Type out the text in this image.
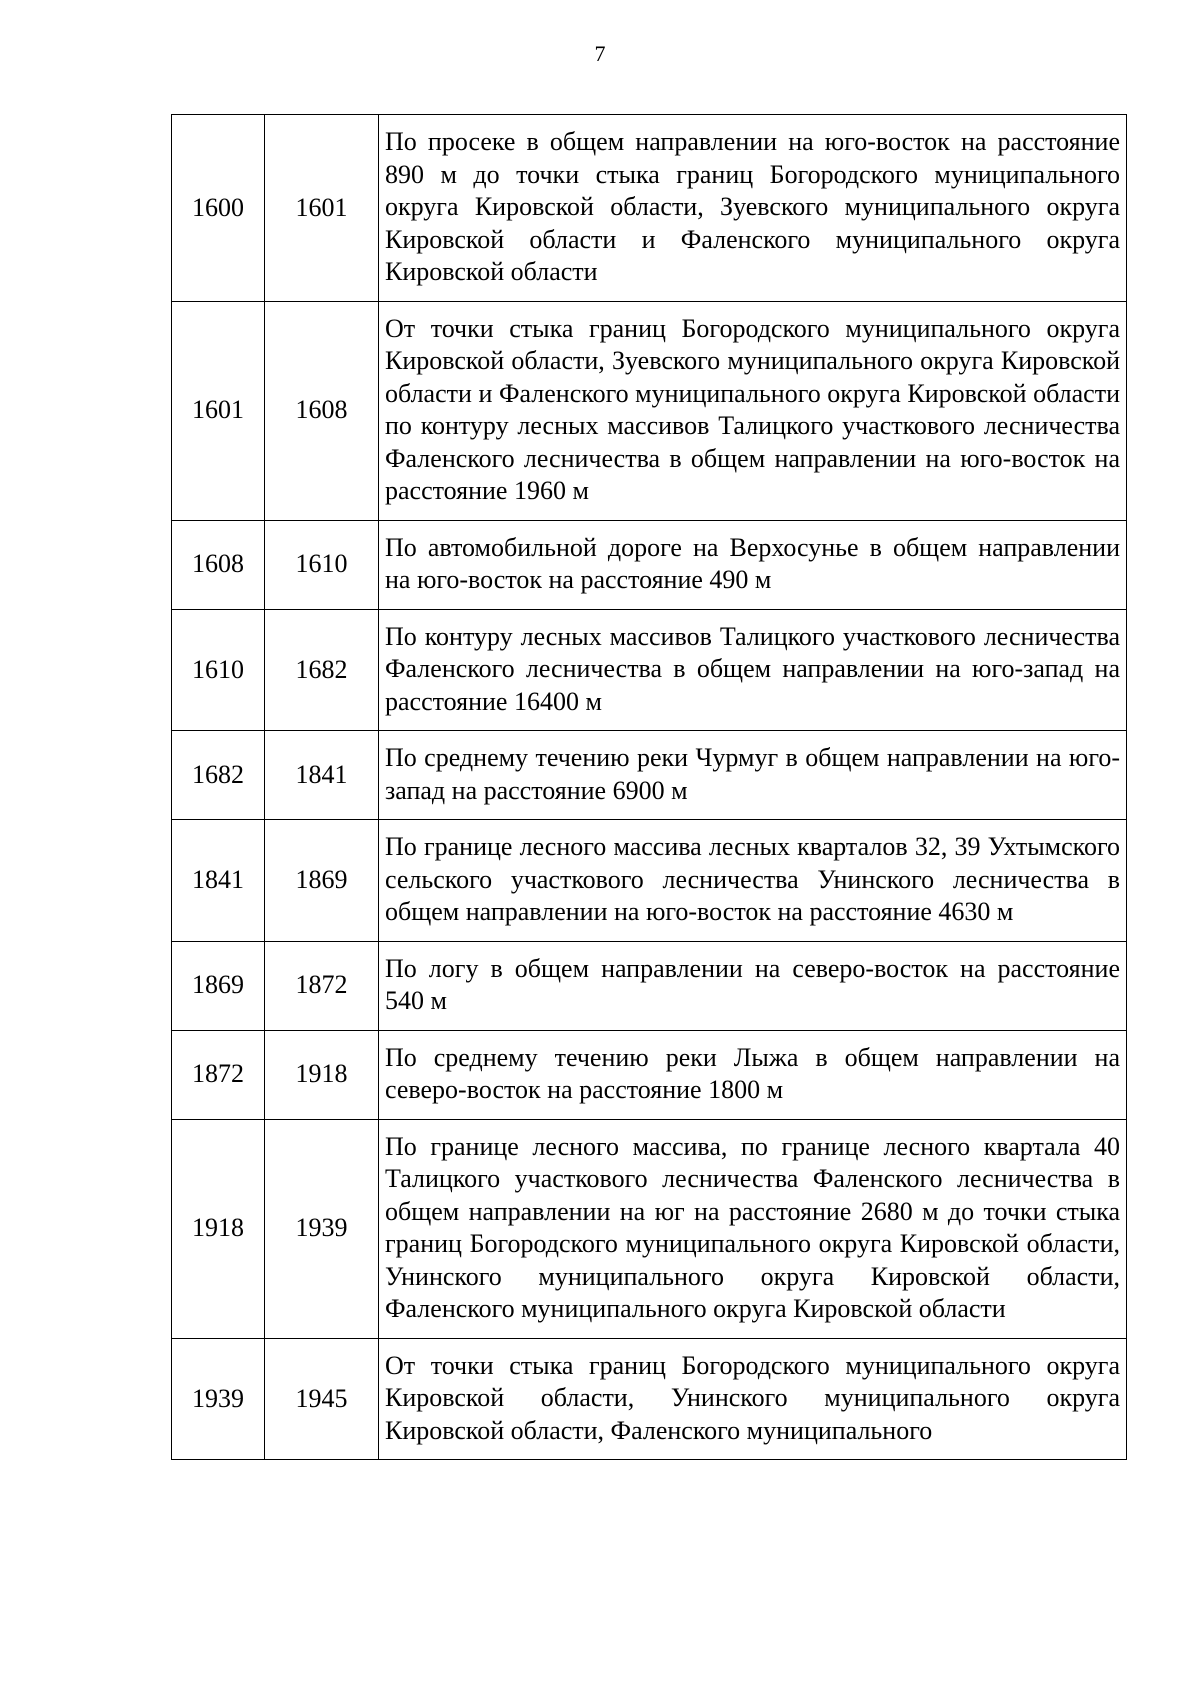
7
1600	1601	По просеке в общем направлении на юго-восток на расстояние 890 м до точки стыка границ Богородского муниципального округа Кировской области, Зуевского муниципального округа Кировской области и Фаленского муниципального округа Кировской области
1601	1608	От точки стыка границ Богородского муниципального округа Кировской области, Зуевского муниципального округа Кировской области и Фаленского муниципального округа Кировской области по контуру лесных массивов Талицкого участкового лесничества Фаленского лесничества в общем направлении на юго-восток на расстояние 1960 м
1608	1610	По автомобильной дороге на Верхосунье в общем направлении на юго-восток на расстояние 490 м
1610	1682	По контуру лесных массивов Талицкого участкового лесничества Фаленского лесничества в общем направлении на юго-запад на расстояние 16400 м
1682	1841	По среднему течению реки Чурмуг в общем направлении на юго-запад на расстояние 6900 м
1841	1869	По границе лесного массива лесных кварталов 32, 39 Ухтымского сельского участкового лесничества Унинского лесничества в общем направлении на юго-восток на расстояние 4630 м
1869	1872	По логу в общем направлении на северо-восток на расстояние 540 м
1872	1918	По среднему течению реки Лыжа в общем направлении на северо-восток на расстояние 1800 м
1918	1939	По границе лесного массива, по границе лесного квартала 40 Талицкого участкового лесничества Фаленского лесничества в общем направлении на юг на расстояние 2680 м до точки стыка границ Богородского муниципального округа Кировской области, Унинского муниципального округа Кировской области, Фаленского муниципального округа Кировской области
1939	1945	От точки стыка границ Богородского муниципального округа Кировской области, Унинского муниципального округа Кировской области, Фаленского муниципального
